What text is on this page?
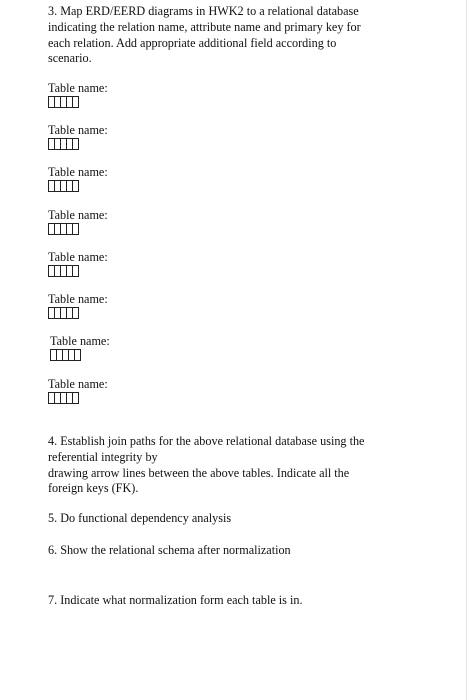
3. Map ERD/EERD diagrams in HWK2 to a relational database
indicating the relation name, attribute name and primary key for
each relation. Add appropriate additional field according to
scenario.

Table name:
Table name:
Table name:
Table name:
Table name:
Table name:
Table name:
Table name:

4. Establish join paths for the above relational database using the
referential integrity by
drawing arrow lines between the above tables. Indicate all the
foreign keys (FK).

5. Do functional dependency analysis

6. Show the relational schema after normalization

7. Indicate what normalization form each table is in.
